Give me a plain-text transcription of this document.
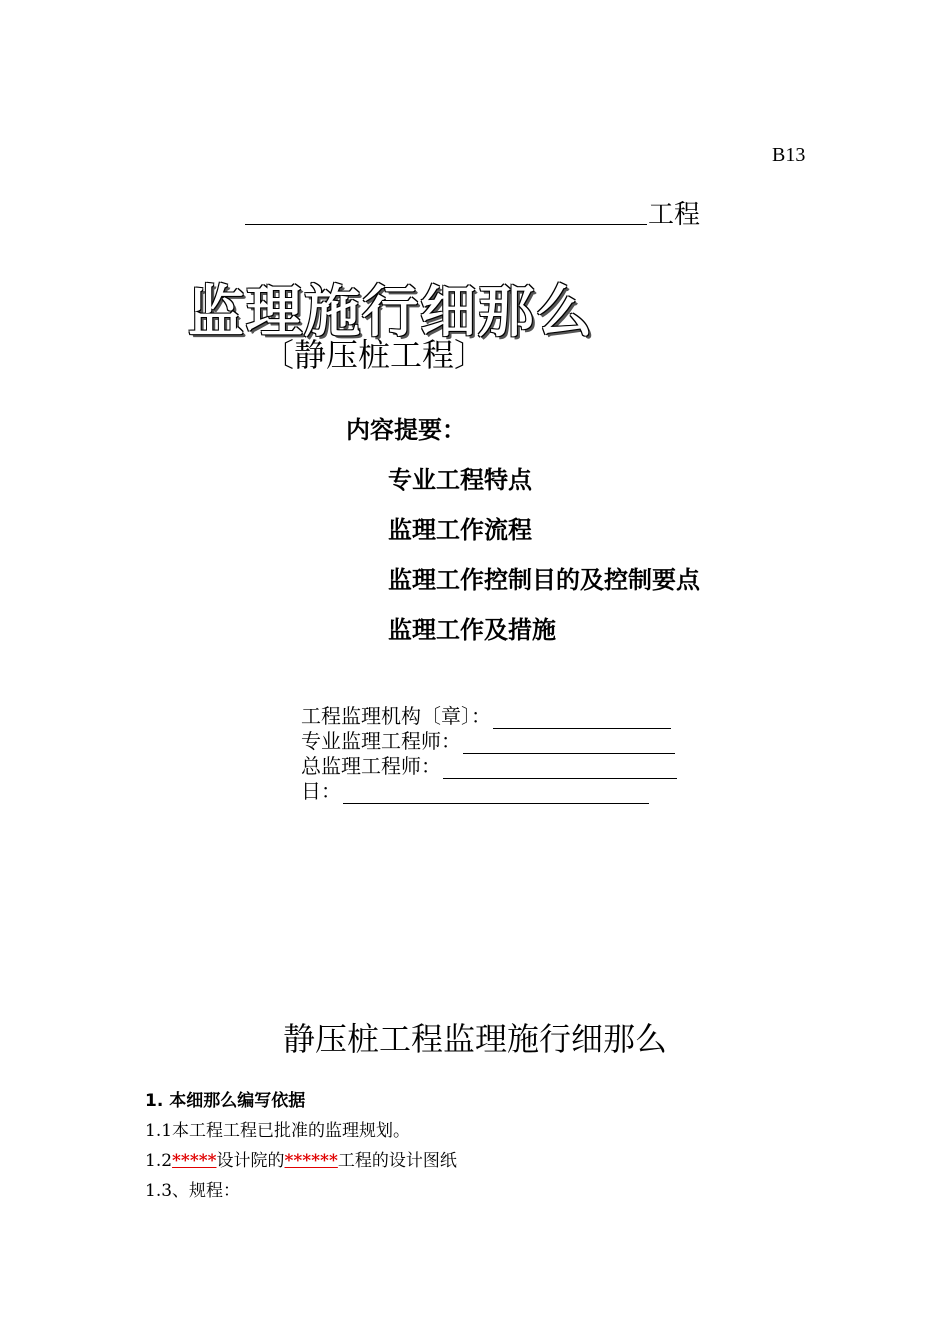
B13
工程
监理施行细那么
〔静压桩工程〕
内容提要：
专业工程特点
监理工作流程
监理工作控制目的及控制要点
监理工作及措施
工程监理机构〔章〕：
专业监理工程师：
总监理工程师：
日：
静压桩工程监理施行细那么
1. 本细那么编写依据
1.1本工程工程已批准的监理规划。
1.2*****设计院的******工程的设计图纸
1.3、规程：
